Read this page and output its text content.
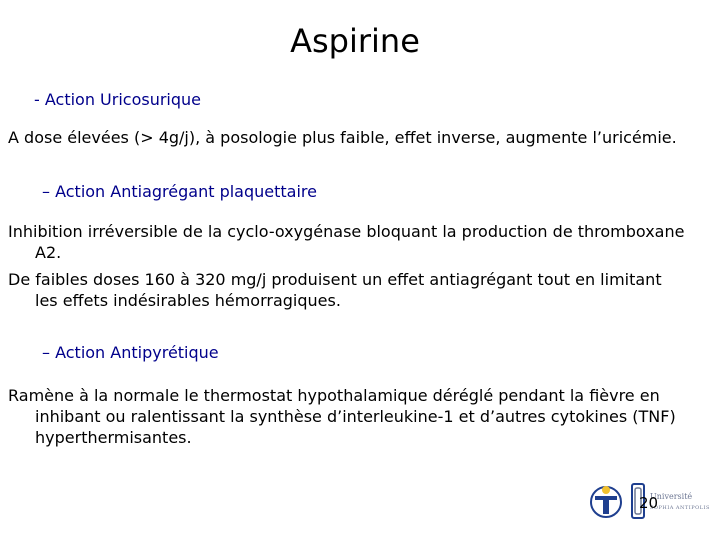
Aspirine
- Action Uricosurique
A dose élevées (> 4g/j), à posologie plus faible, effet inverse, augmente l’uricémie.
– Action Antiagrégant plaquettaire
Inhibition irréversible de la cyclo-oxygénase bloquant la production de thromboxane
A2.
De faibles doses 160 à 320 mg/j produisent un effet antiagrégant tout en limitant
les effets indésirables hémorragiques.
– Action Antipyrétique
Ramène à la normale le thermostat hypothalamique déréglé pendant la fièvre en
inhibant ou ralentissant la synthèse d’interleukine-1 et d’autres cytokines (TNF)
hyperthermisantes.
Université
SOPHIA ANTIPOLIS
20
